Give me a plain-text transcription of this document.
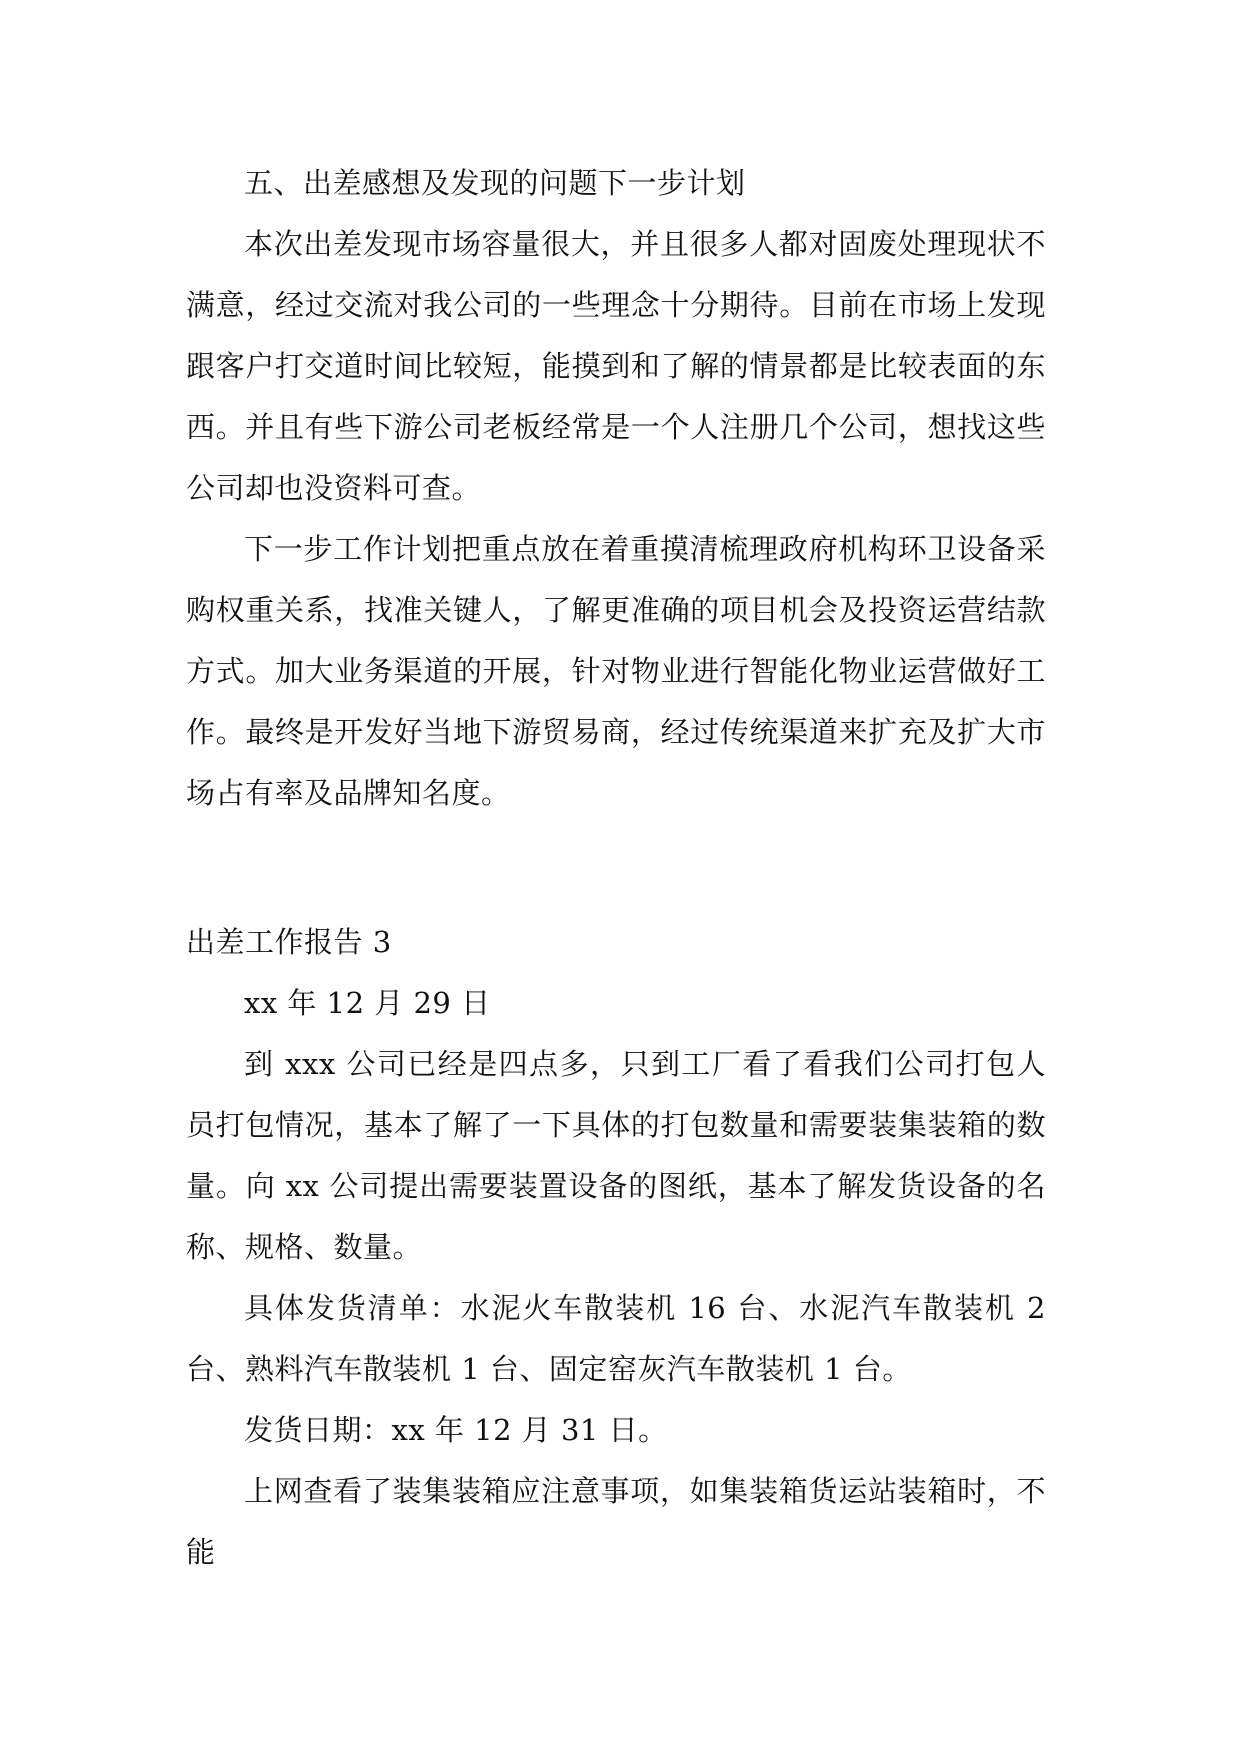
五、出差感想及发现的问题下一步计划

本次出差发现市场容量很大，并且很多人都对固废处理现状不满意，经过交流对我公司的一些理念十分期待。目前在市场上发现跟客户打交道时间比较短，能摸到和了解的情景都是比较表面的东西。并且有些下游公司老板经常是一个人注册几个公司，想找这些公司却也没资料可查。

下一步工作计划把重点放在着重摸清梳理政府机构环卫设备采购权重关系，找准关键人，了解更准确的项目机会及投资运营结款方式。加大业务渠道的开展，针对物业进行智能化物业运营做好工作。最终是开发好当地下游贸易商，经过传统渠道来扩充及扩大市场占有率及品牌知名度。

出差工作报告 3

xx 年 12 月 29 日

到 xxx 公司已经是四点多，只到工厂看了看我们公司打包人员打包情况，基本了解了一下具体的打包数量和需要装集装箱的数量。向 xx 公司提出需要装置设备的图纸，基本了解发货设备的名称、规格、数量。

具体发货清单：水泥火车散装机 16 台、水泥汽车散装机 2 台、熟料汽车散装机 1 台、固定窑灰汽车散装机 1 台。

发货日期：xx 年 12 月 31 日。

上网查看了装集装箱应注意事项，如集装箱货运站装箱时，不能
